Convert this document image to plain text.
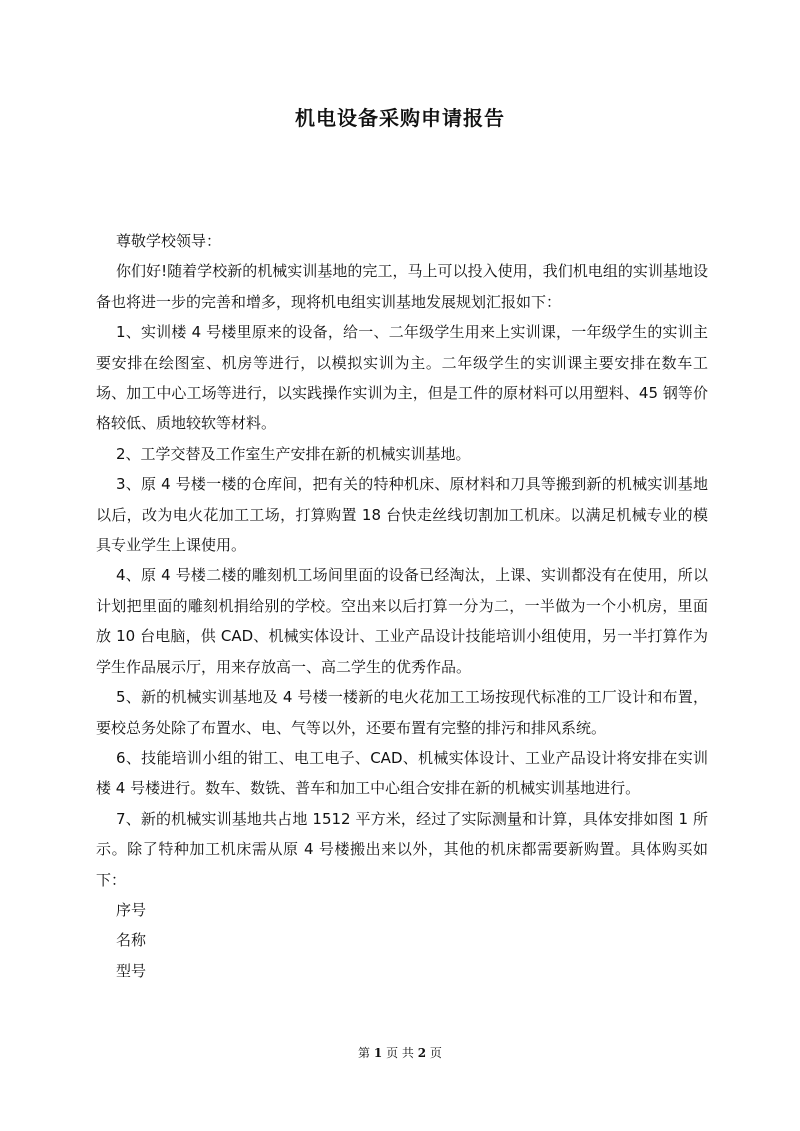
机电设备采购申请报告

尊敬学校领导：

你们好!随着学校新的机械实训基地的完工，马上可以投入使用，我们机电组的实训基地设备也将进一步的完善和增多，现将机电组实训基地发展规划汇报如下：

1、实训楼 4 号楼里原来的设备，给一、二年级学生用来上实训课，一年级学生的实训主要安排在绘图室、机房等进行，以模拟实训为主。二年级学生的实训课主要安排在数车工场、加工中心工场等进行，以实践操作实训为主，但是工件的原材料可以用塑料、45 钢等价格较低、质地较软等材料。

2、工学交替及工作室生产安排在新的机械实训基地。

3、原 4 号楼一楼的仓库间，把有关的特种机床、原材料和刀具等搬到新的机械实训基地以后，改为电火花加工工场，打算购置 18 台快走丝线切割加工机床。以满足机械专业的模具专业学生上课使用。

4、原 4 号楼二楼的雕刻机工场间里面的设备已经淘汰，上课、实训都没有在使用，所以计划把里面的雕刻机捐给别的学校。空出来以后打算一分为二，一半做为一个小机房，里面放 10 台电脑，供 CAD、机械实体设计、工业产品设计技能培训小组使用，另一半打算作为学生作品展示厅，用来存放高一、高二学生的优秀作品。

5、新的机械实训基地及 4 号楼一楼新的电火花加工工场按现代标准的工厂设计和布置，要校总务处除了布置水、电、气等以外，还要布置有完整的排污和排风系统。

6、技能培训小组的钳工、电工电子、CAD、机械实体设计、工业产品设计将安排在实训楼 4 号楼进行。数车、数铣、普车和加工中心组合安排在新的机械实训基地进行。

7、新的机械实训基地共占地 1512 平方米，经过了实际测量和计算，具体安排如图 1 所示。除了特种加工机床需从原 4 号楼搬出来以外，其他的机床都需要新购置。具体购买如下：

序号

名称

型号

第 1 页 共 2 页
